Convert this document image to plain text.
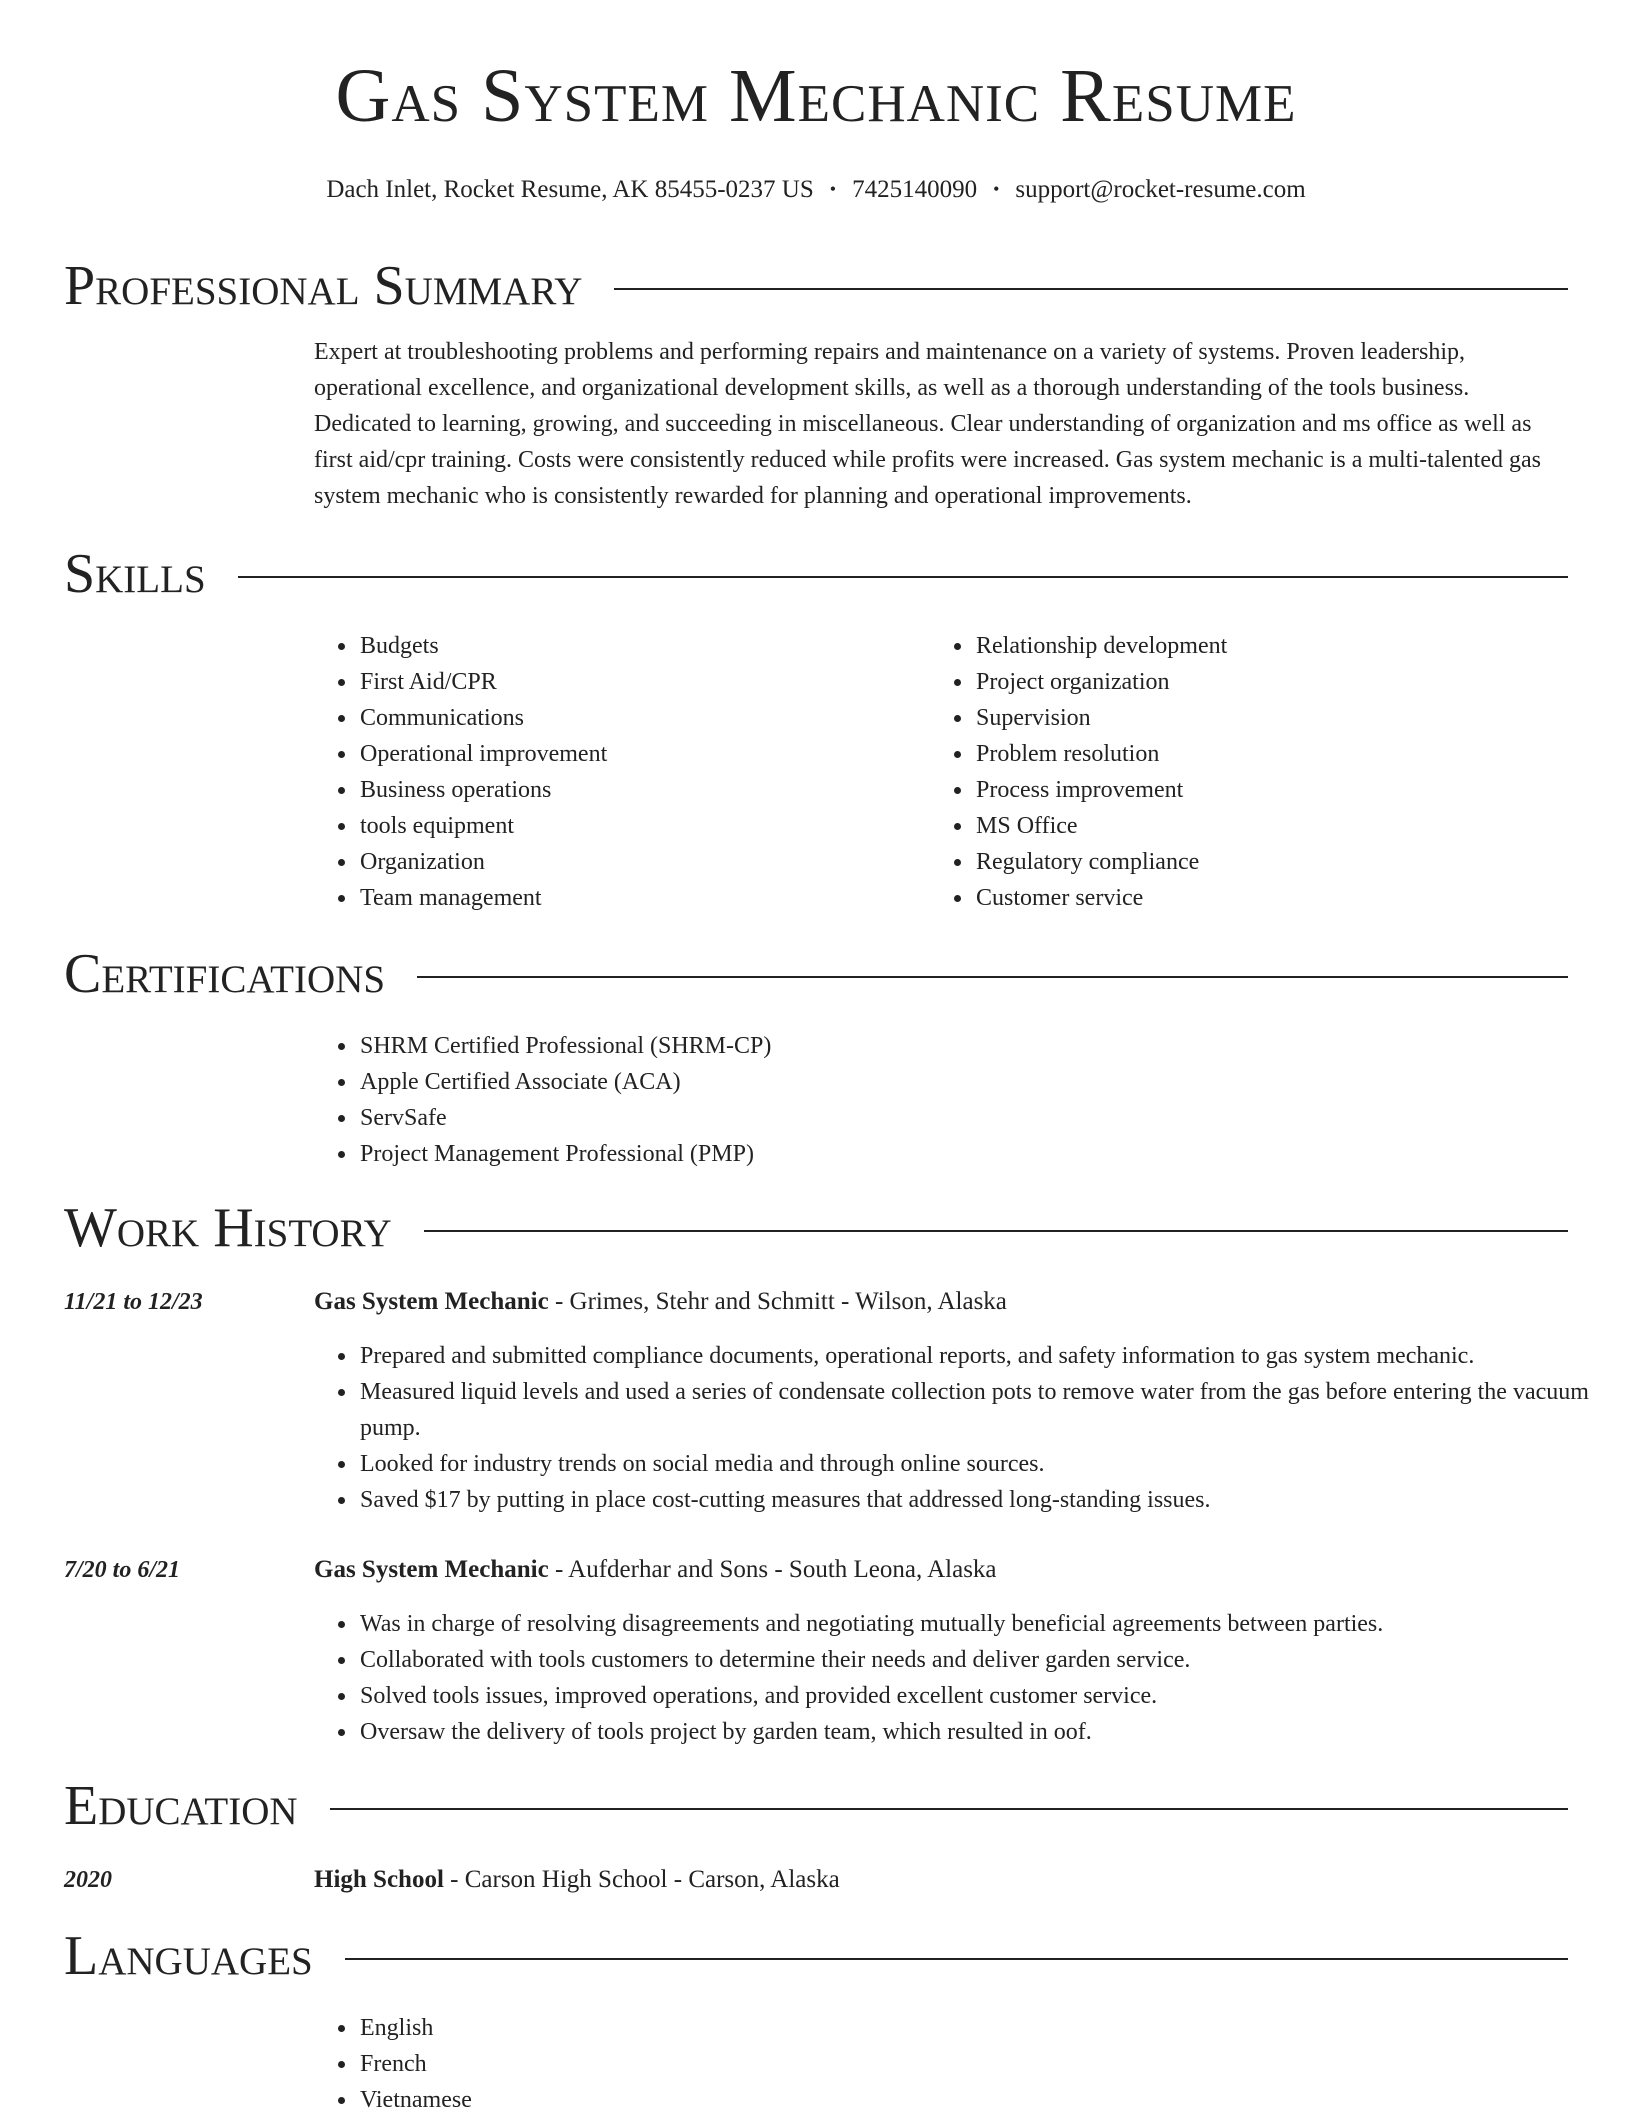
Gas System Mechanic Resume
Dach Inlet, Rocket Resume, AK 85455-0237 US • 7425140090 • support@rocket-resume.com
Professional Summary
Expert at troubleshooting problems and performing repairs and maintenance on a variety of systems. Proven leadership, operational excellence, and organizational development skills, as well as a thorough understanding of the tools business. Dedicated to learning, growing, and succeeding in miscellaneous. Clear understanding of organization and ms office as well as first aid/cpr training. Costs were consistently reduced while profits were increased. Gas system mechanic is a multi-talented gas system mechanic who is consistently rewarded for planning and operational improvements.
Skills
• Budgets
• First Aid/CPR
• Communications
• Operational improvement
• Business operations
• tools equipment
• Organization
• Team management
• Relationship development
• Project organization
• Supervision
• Problem resolution
• Process improvement
• MS Office
• Regulatory compliance
• Customer service
Certifications
• SHRM Certified Professional (SHRM-CP)
• Apple Certified Associate (ACA)
• ServSafe
• Project Management Professional (PMP)
Work History
11/21 to 12/23	Gas System Mechanic - Grimes, Stehr and Schmitt - Wilson, Alaska
• Prepared and submitted compliance documents, operational reports, and safety information to gas system mechanic.
• Measured liquid levels and used a series of condensate collection pots to remove water from the gas before entering the vacuum pump.
• Looked for industry trends on social media and through online sources.
• Saved $17 by putting in place cost-cutting measures that addressed long-standing issues.
7/20 to 6/21	Gas System Mechanic - Aufderhar and Sons - South Leona, Alaska
• Was in charge of resolving disagreements and negotiating mutually beneficial agreements between parties.
• Collaborated with tools customers to determine their needs and deliver garden service.
• Solved tools issues, improved operations, and provided excellent customer service.
• Oversaw the delivery of tools project by garden team, which resulted in oof.
Education
2020	High School - Carson High School - Carson, Alaska
Languages
• English
• French
• Vietnamese
